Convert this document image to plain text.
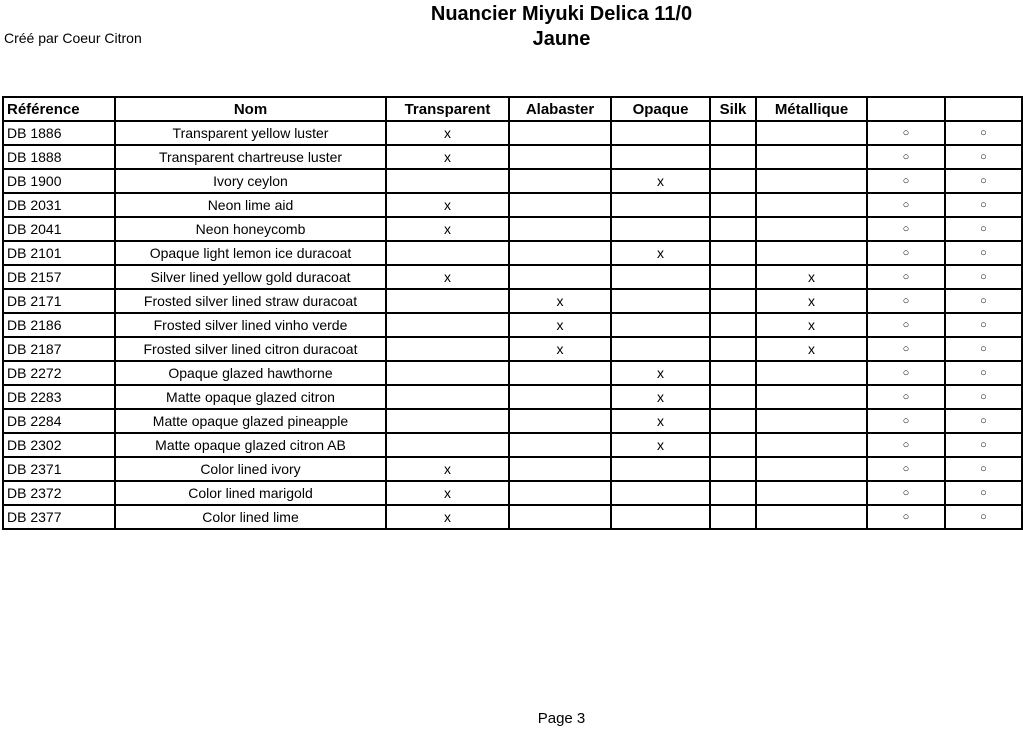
Créé par Coeur Citron
Nuancier Miyuki Delica 11/0
Jaune
Référence	Nom	Transparent	Alabaster	Opaque	Silk	Métallique		
DB 1886	Transparent yellow luster	x					○	○
DB 1888	Transparent chartreuse luster	x					○	○
DB 1900	Ivory ceylon			x			○	○
DB 2031	Neon lime aid	x					○	○
DB 2041	Neon honeycomb	x					○	○
DB 2101	Opaque light lemon ice duracoat			x			○	○
DB 2157	Silver lined yellow gold duracoat	x				x	○	○
DB 2171	Frosted silver lined straw duracoat		x			x	○	○
DB 2186	Frosted silver lined vinho verde		x			x	○	○
DB 2187	Frosted silver lined citron duracoat		x			x	○	○
DB 2272	Opaque glazed hawthorne			x			○	○
DB 2283	Matte opaque glazed citron			x			○	○
DB 2284	Matte opaque glazed pineapple			x			○	○
DB 2302	Matte opaque glazed citron AB			x			○	○
DB 2371	Color lined ivory	x					○	○
DB 2372	Color lined marigold	x					○	○
DB 2377	Color lined lime	x					○	○
Page 3
